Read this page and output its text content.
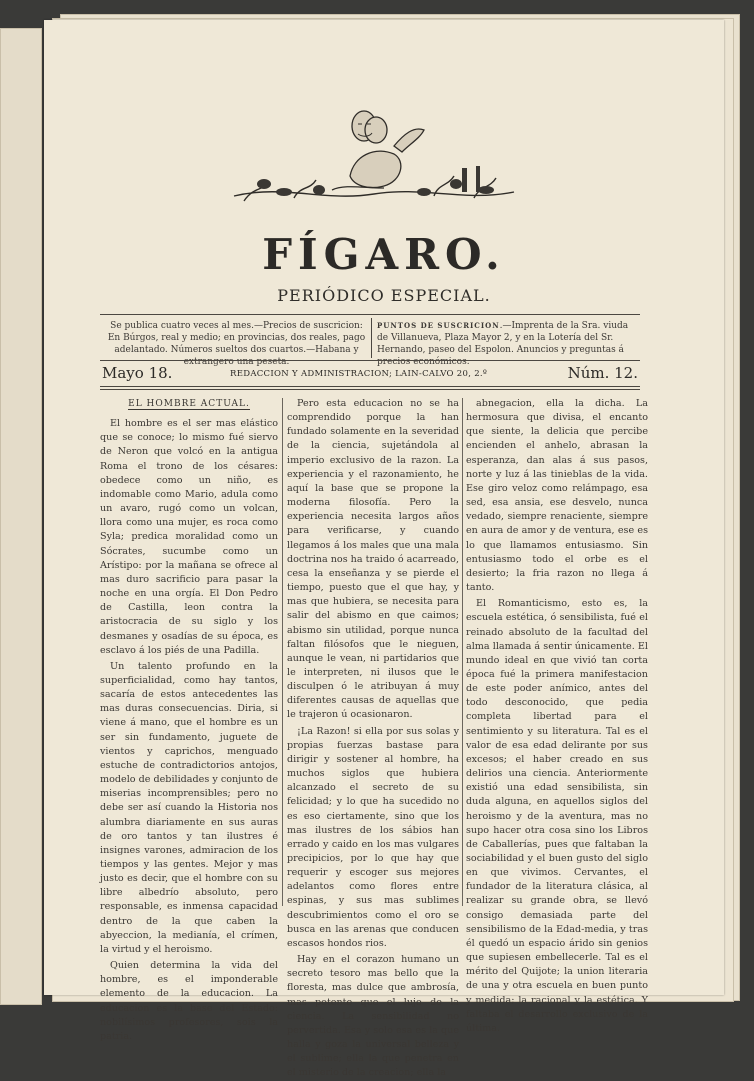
FÍGARO.
PERIÓDICO ESPECIAL.
Se publica cuatro veces al mes.—Precios de suscricion: En Búrgos, real y medio; en provincias, dos reales, pago adelantado. Números sueltos dos cuartos.—Habana y extrangero una peseta.
PUNTOS DE SUSCRICION.—Imprenta de la Sra. viuda de Villanueva, Plaza Mayor 2, y en la Lotería del Sr. Hernando, paseo del Espolon. Anuncios y preguntas á precios económicos.
Mayo 18.	REDACCION Y ADMINISTRACION; LAIN-CALVO 20, 2.º	Núm. 12.
EL HOMBRE ACTUAL.

El hombre es el ser mas elástico que se conoce; lo mismo fué siervo de Neron que volcó en la antigua Roma el trono de los césares: obedece como un niño, es indomable como Mario, adula como un avaro, rugó como un volcan, llora como una mujer, es roca como Syla; predica moralidad como un Sócrates, sucumbe como un Arístipo: por la mañana se ofrece al mas duro sacrificio para pasar la noche en una orgía. El Don Pedro de Castilla, leon contra la aristocracia de su siglo y los desmanes y osadías de su época, es esclavo á los piés de una Padilla.

Un talento profundo en la superficialidad, como hay tantos, sacaría de estos antecedentes las mas duras consecuencias. Diria, si viene á mano, que el hombre es un ser sin fundamento, juguete de vientos y caprichos, menguado estuche de contradictorios antojos, modelo de debilidades y conjunto de miserias incomprensibles; pero no debe ser así cuando la Historia nos alumbra diariamente en sus auras de oro tantos y tan ilustres é insignes varones, admiracion de los tiempos y las gentes. Mejor y mas justo es decir, que el hombre con su libre albedrío absoluto, pero responsable, es inmensa capacidad dentro de la que caben la abyeccion, la medianía, el crímen, la virtud y el heroismo.

Quien determina la vida del hombre, es el imponderable elemento de la educacion. La educacion es la base del Estado: nobilísimos profesores, sois la patria.

Pero esta educacion no se ha comprendido porque la han fundado solamente en la severidad de la ciencia, sujetándola al imperio exclusivo de la razon. La experiencia y el razonamiento, he aquí la base que se propone la moderna filosofía. Pero la experiencia necesita largos años para verificarse, y cuando llegamos á los males que una mala doctrina nos ha traido ó acarreado, cesa la enseñanza y se pierde el tiempo, puesto que el que hay, y mas que hubiera, se necesita para salir del abismo en que caimos; abismo sin utilidad, porque nunca faltan filósofos que le nieguen, aunque le vean, ni partidarios que le interpreten, ni ilusos que le disculpen ó le atribuyan á muy diferentes causas de aquellas que le trajeron ú ocasionaron.

¡La Razon! si ella por sus solas y propias fuerzas bastase para dirigir y sostener al hombre, ha muchos siglos que hubiera alcanzado el secreto de su felicidad; y lo que ha sucedido no es eso ciertamente, sino que los mas ilustres de los sábios han errado y caido en los mas vulgares precipicios, por lo que hay que requerir y escoger sus mejores adelantos como flores entre espinas, y sus mas sublimes descubrimientos como el oro se busca en las arenas que conducen escasos hondos rios.

Hay en el corazon humano un secreto tesoro mas bello que la floresta, mas dulce que ambrosía, mas potente que el lujo de la ciencia. La sensibilidad no pervertida. Esa y solo esa es la que halla y goza la universal belleza y el sublime; ella la que penetra en el misterio de la creacion; ella la

abnegacion, ella la dicha. La hermosura que divisa, el encanto que siente, la delicia que percibe encienden el anhelo, abrasan la esperanza, dan alas á sus pasos, norte y luz á las tinieblas de la vida. Ese giro veloz como relámpago, esa sed, esa ansia, ese desvelo, nunca vedado, siempre renaciente, siempre en aura de amor y de ventura, ese es lo que llamamos entusiasmo. Sin entusiasmo todo el orbe es el desierto; la fria razon no llega á tanto.

El Romanticismo, esto es, la escuela estética, ó sensibilista, fué el reinado absoluto de la facultad del alma llamada á sentir únicamente. El mundo ideal en que vivió tan corta época fué la primera manifestacion de este poder anímico, antes del todo desconocido, que pedia completa libertad para el sentimiento y su literatura. Tal es el valor de esa edad delirante por sus excesos; el haber creado en sus delirios una ciencia. Anteriormente existió una edad sensibilista, sin duda alguna, en aquellos siglos del heroismo y de la aventura, mas no supo hacer otra cosa sino los Libros de Caballerías, pues que faltaban la sociabilidad y el buen gusto del siglo en que vivimos. Cervantes, el fundador de la literatura clásica, al realizar su grande obra, se llevó consigo demasiada parte del sensibilismo de la Edad-media, y tras él quedó un espacio árido sin genios que supiesen embellecerle. Tal es el mérito del Quijote; la union literaria de una y otra escuela en buen punto y medida; la racional y la estética. Y faltaba el desarrollo exclusivo de la última.
